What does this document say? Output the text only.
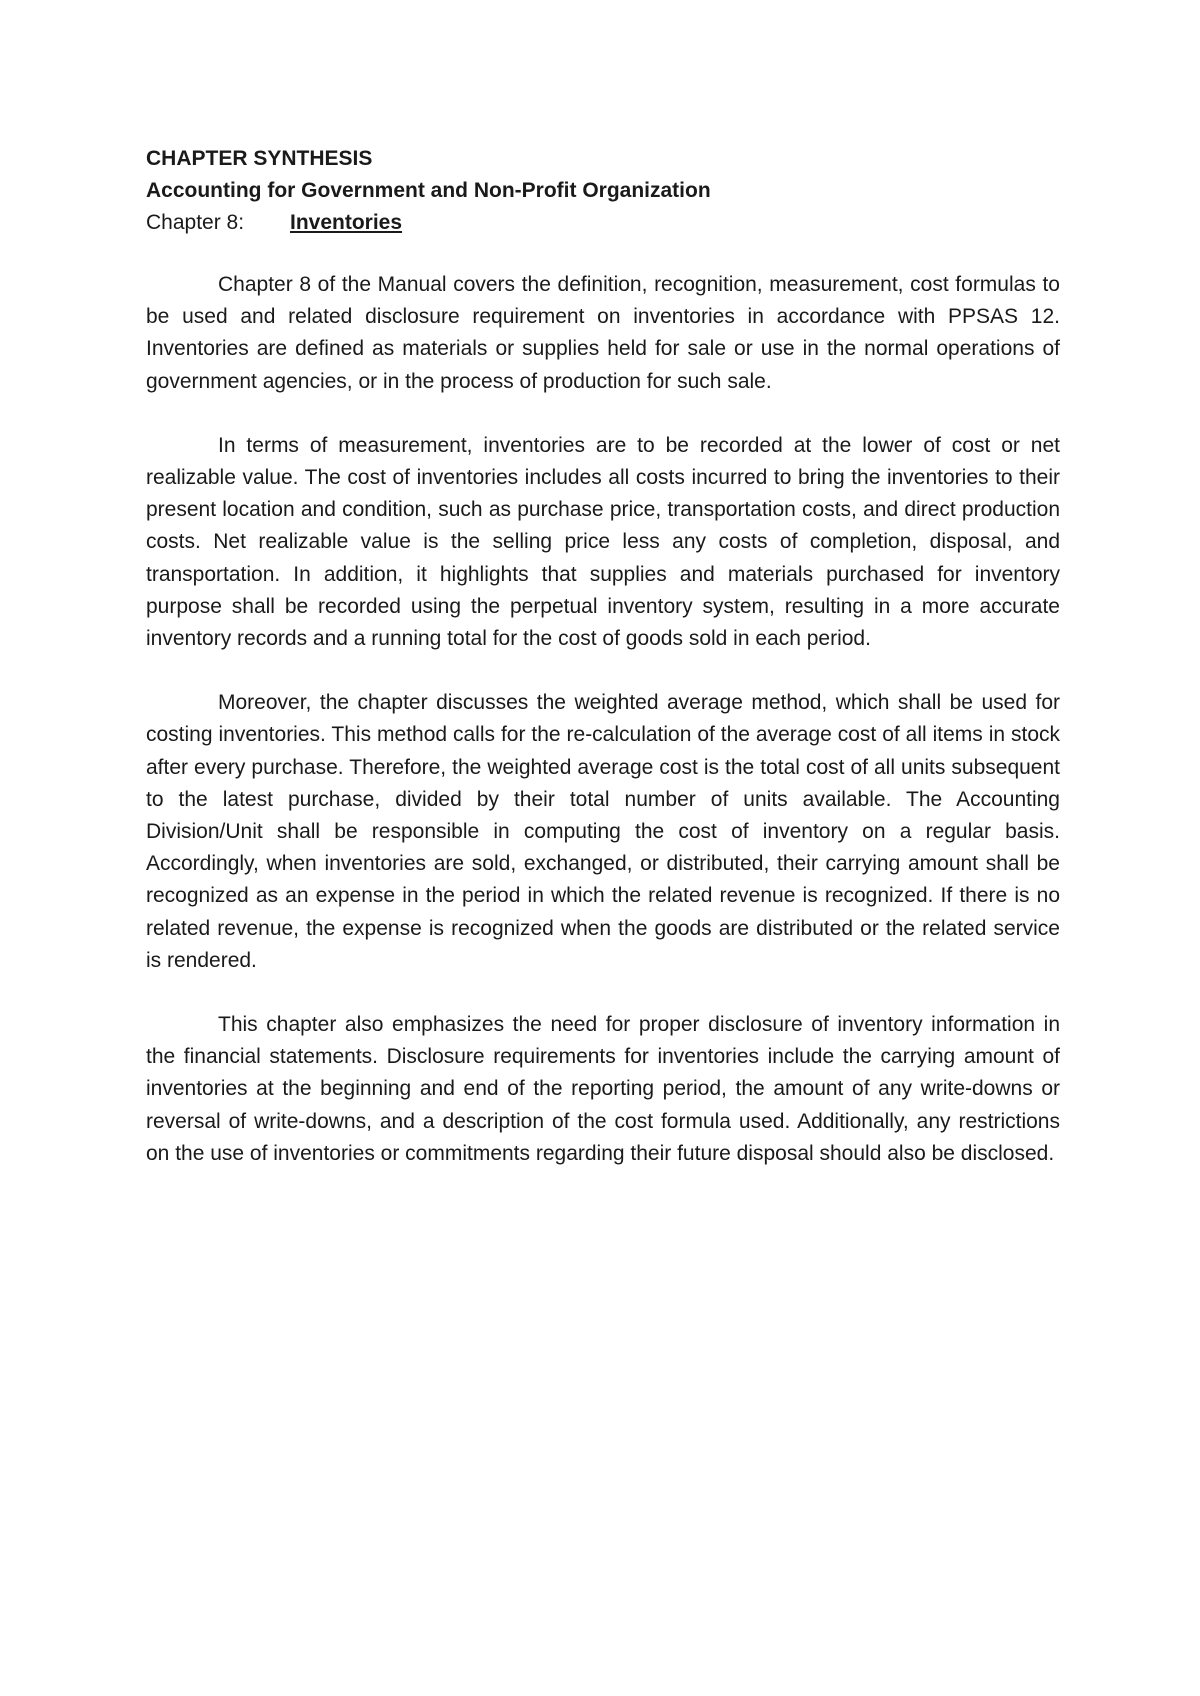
CHAPTER SYNTHESIS

Accounting for Government and Non-Profit Organization

Chapter 8: Inventories

Chapter 8 of the Manual covers the definition, recognition, measurement, cost formulas to be used and related disclosure requirement on inventories in accordance with PPSAS 12. Inventories are defined as materials or supplies held for sale or use in the normal operations of government agencies, or in the process of production for such sale.

In terms of measurement, inventories are to be recorded at the lower of cost or net realizable value. The cost of inventories includes all costs incurred to bring the inventories to their present location and condition, such as purchase price, transportation costs, and direct production costs. Net realizable value is the selling price less any costs of completion, disposal, and transportation. In addition, it highlights that supplies and materials purchased for inventory purpose shall be recorded using the perpetual inventory system, resulting in a more accurate inventory records and a running total for the cost of goods sold in each period.

Moreover, the chapter discusses the weighted average method, which shall be used for costing inventories. This method calls for the re-calculation of the average cost of all items in stock after every purchase. Therefore, the weighted average cost is the total cost of all units subsequent to the latest purchase, divided by their total number of units available. The Accounting Division/Unit shall be responsible in computing the cost of inventory on a regular basis. Accordingly, when inventories are sold, exchanged, or distributed, their carrying amount shall be recognized as an expense in the period in which the related revenue is recognized. If there is no related revenue, the expense is recognized when the goods are distributed or the related service is rendered.

This chapter also emphasizes the need for proper disclosure of inventory information in the financial statements. Disclosure requirements for inventories include the carrying amount of inventories at the beginning and end of the reporting period, the amount of any write-downs or reversal of write-downs, and a description of the cost formula used. Additionally, any restrictions on the use of inventories or commitments regarding their future disposal should also be disclosed.
